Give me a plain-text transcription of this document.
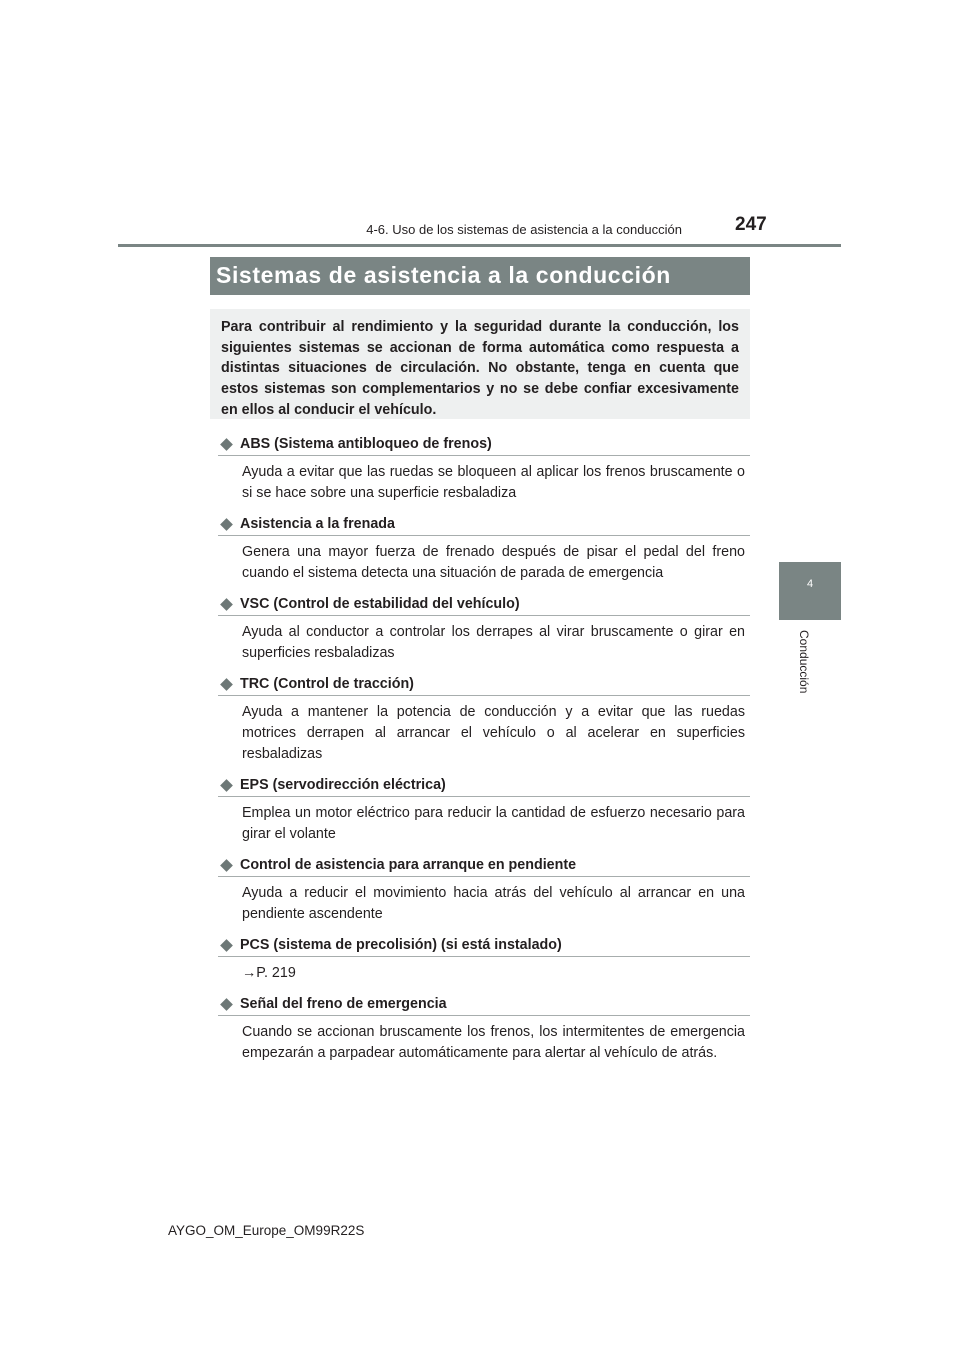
4-6. Uso de los sistemas de asistencia a la conducción	247
4
Conducción
Sistemas de asistencia a la conducción

Para contribuir al rendimiento y la seguridad durante la conducción, los siguientes sistemas se accionan de forma automática como respuesta a distintas situaciones de circulación. No obstante, tenga en cuenta que estos sistemas son complementarios y no se debe confiar excesivamente en ellos al conducir el vehículo.

ABS (Sistema antibloqueo de frenos)

Ayuda a evitar que las ruedas se bloqueen al aplicar los frenos bruscamente o si se hace sobre una superficie resbaladiza

Asistencia a la frenada

Genera una mayor fuerza de frenado después de pisar el pedal del freno cuando el sistema detecta una situación de parada de emergencia

VSC (Control de estabilidad del vehículo)

Ayuda al conductor a controlar los derrapes al virar bruscamente o girar en superficies resbaladizas

TRC (Control de tracción)

Ayuda a mantener la potencia de conducción y a evitar que las ruedas motrices derrapen al arrancar el vehículo o al acelerar en superficies resbaladizas

EPS (servodirección eléctrica)

Emplea un motor eléctrico para reducir la cantidad de esfuerzo necesario para girar el volante

Control de asistencia para arranque en pendiente

Ayuda a reducir el movimiento hacia atrás del vehículo al arrancar en una pendiente ascendente

PCS (sistema de precolisión) (si está instalado)

→P. 219

Señal del freno de emergencia

Cuando se accionan bruscamente los frenos, los intermitentes de emergencia empezarán a parpadear automáticamente para alertar al vehículo de atrás.

AYGO_OM_Europe_OM99R22S
